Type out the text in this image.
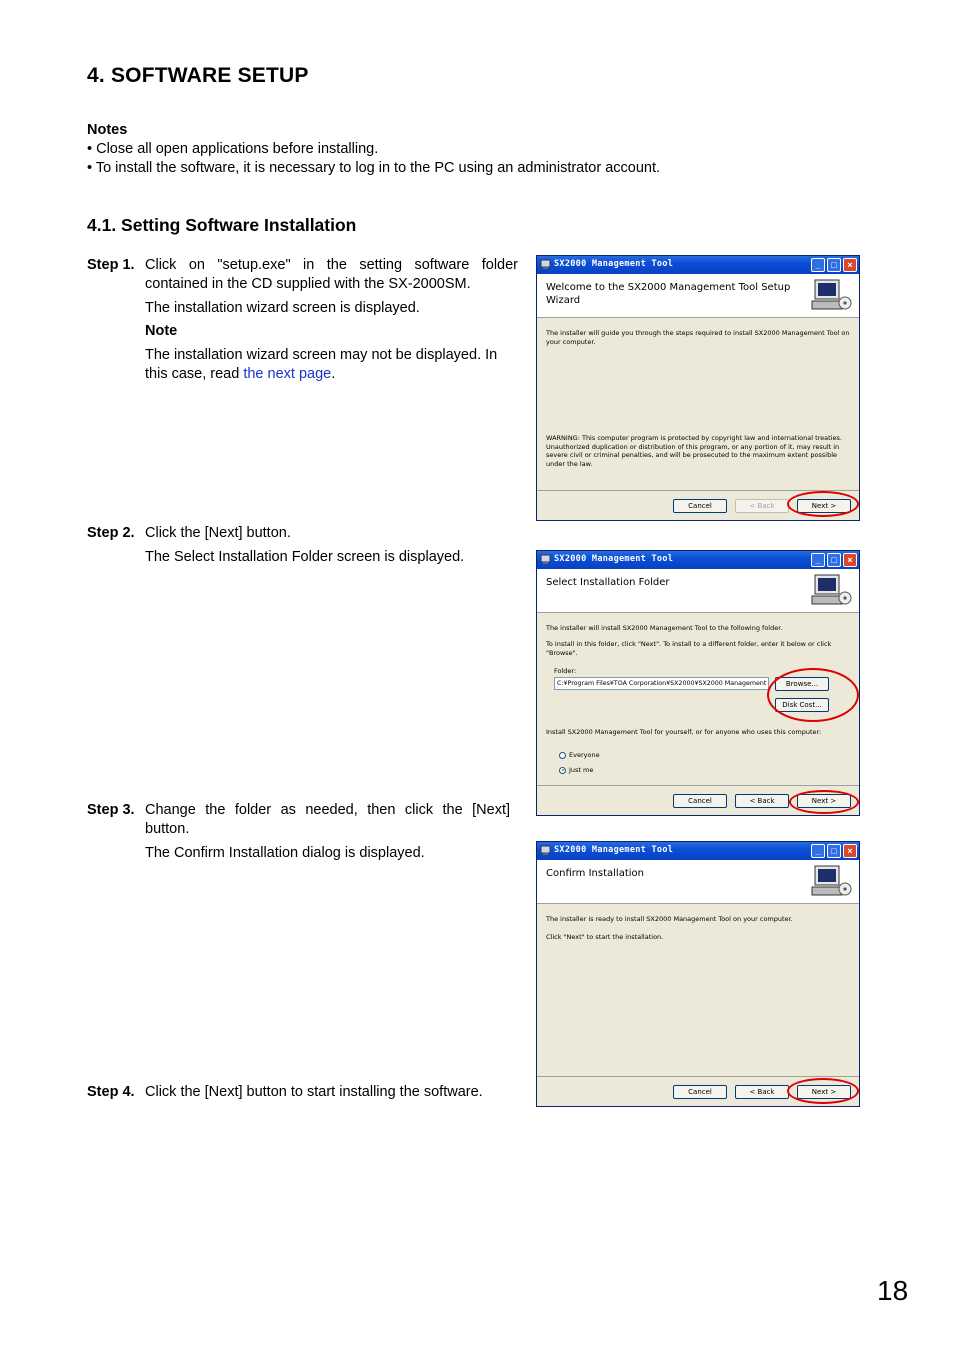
4. SOFTWARE SETUP
Notes
• Close all open applications before installing.
• To install the software, it is necessary to log in to the PC using an administrator account.
4.1. Setting Software Installation
Step 1. Click on "setup.exe" in the setting software folder contained in the CD supplied with the SX-2000SM.
The installation wizard screen is displayed.
Note
The installation wizard screen may not be displayed. In this case, read the next page.
Step 2. Click the [Next] button.
The Select Installation Folder screen is displayed.
Step 3. Change the folder as needed, then click the [Next] button.
The Confirm Installation dialog is displayed.
Step 4. Click the [Next] button to start installing the software.
SX2000 Management Tool	_	□	×
Welcome to the SX2000 Management Tool Setup Wizard
The installer will guide you through the steps required to install SX2000 Management Tool on your computer.
WARNING: This computer program is protected by copyright law and international treaties. Unauthorized duplication or distribution of this program, or any portion of it, may result in severe civil or criminal penalties, and will be prosecuted to the maximum extent possible under the law.
Cancel	< Back	Next >
SX2000 Management Tool	_	□	×
Select Installation Folder
The installer will install SX2000 Management Tool to the following folder.
To install in this folder, click "Next". To install to a different folder, enter it below or click "Browse".
Folder:
C:¥Program Files¥TOA Corporation¥SX2000¥SX2000 Management	Browse...
Disk Cost...
Install SX2000 Management Tool for yourself, or for anyone who uses this computer:
Everyone
Just me
Cancel	< Back	Next >
SX2000 Management Tool	_	□	×
Confirm Installation
The installer is ready to install SX2000 Management Tool on your computer.
Click "Next" to start the installation.
Cancel	< Back	Next >
18
